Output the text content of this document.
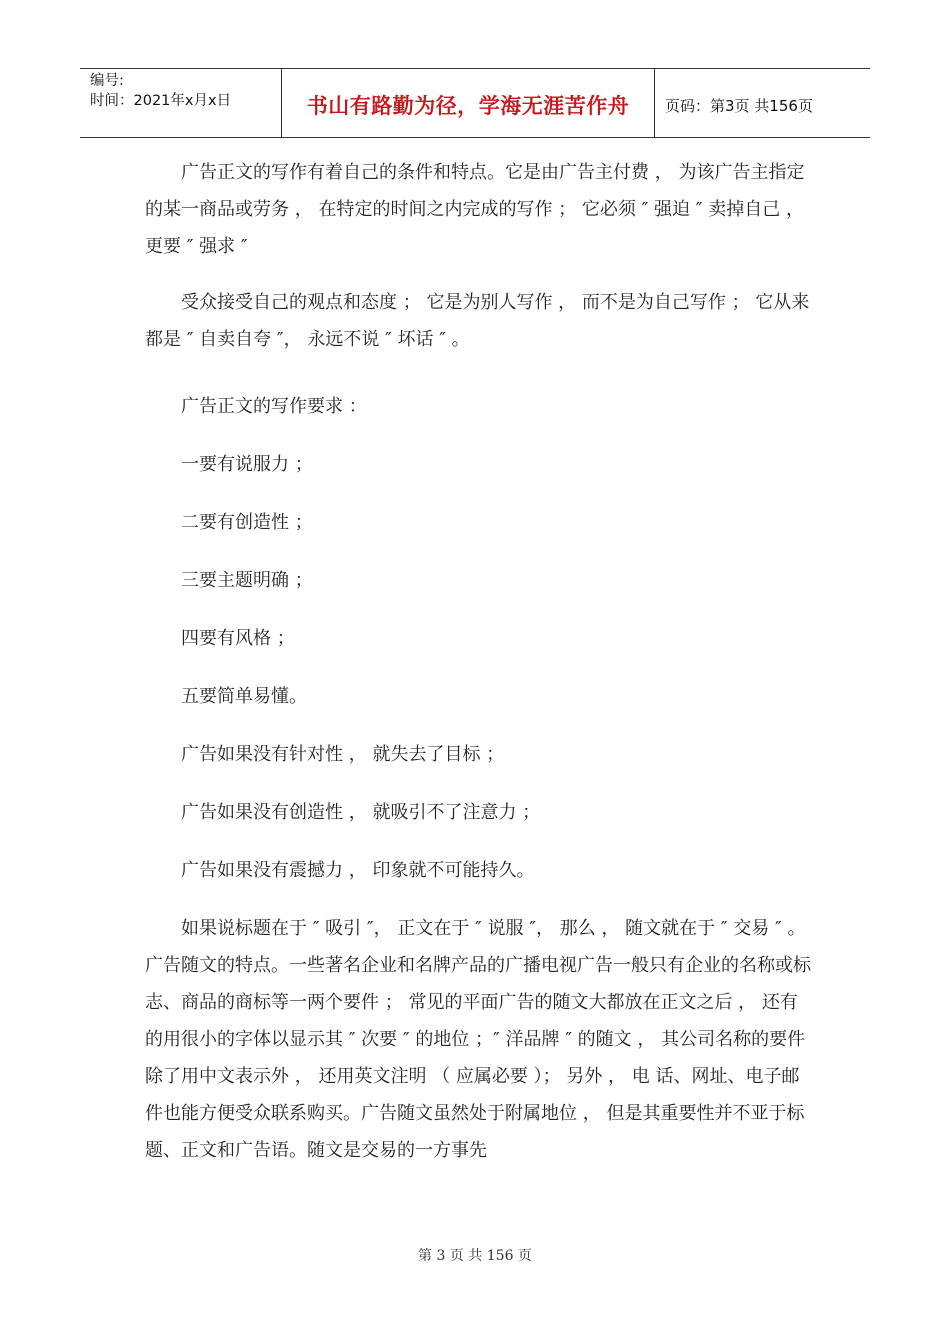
编号:
时间：2021年x月x日	书山有路勤为径，学海无涯苦作舟	页码：第3页 共156页

广告正文的写作有着自己的条件和特点。它是由广告主付费 ， 为该广告主指定的某一商品或劳务 ， 在特定的时间之内完成的写作 ； 它必须 ″ 强迫 ″ 卖掉自己 ， 更要 ″ 强求 ″

受众接受自己的观点和态度 ； 它是为别人写作 ， 而不是为自己写作 ； 它从来都是 ″ 自卖自夸 ″， 永远不说 ″ 坏话 ″ 。

广告正文的写作要求 ：

一要有说服力 ；

二要有创造性 ；

三要主题明确 ；

四要有风格 ；

五要简单易懂。

广告如果没有针对性 ， 就失去了目标 ；

广告如果没有创造性 ， 就吸引不了注意力 ；

广告如果没有震撼力 ， 印象就不可能持久。

如果说标题在于 ″ 吸引 ″， 正文在于 ″ 说服 ″， 那么 ， 随文就在于 ″ 交易 ″ 。 广告随文的特点。一些著名企业和名牌产品的广播电视广告一般只有企业的名称或标志、商品的商标等一两个要件 ； 常见的平面广告的随文大都放在正文之后 ， 还有的用很小的字体以显示其 ″ 次要 ″ 的地位 ；″ 洋品牌 ″ 的随文 ， 其公司名称的要件除了用中文表示外 ， 还用英文注明 （ 应属必要 ）； 另外 ， 电 话、网址、电子邮件也能方便受众联系购买。广告随文虽然处于附属地位 ， 但是其重要性并不亚于标题、正文和广告语。随文是交易的一方事先

第 3 页 共 156 页
